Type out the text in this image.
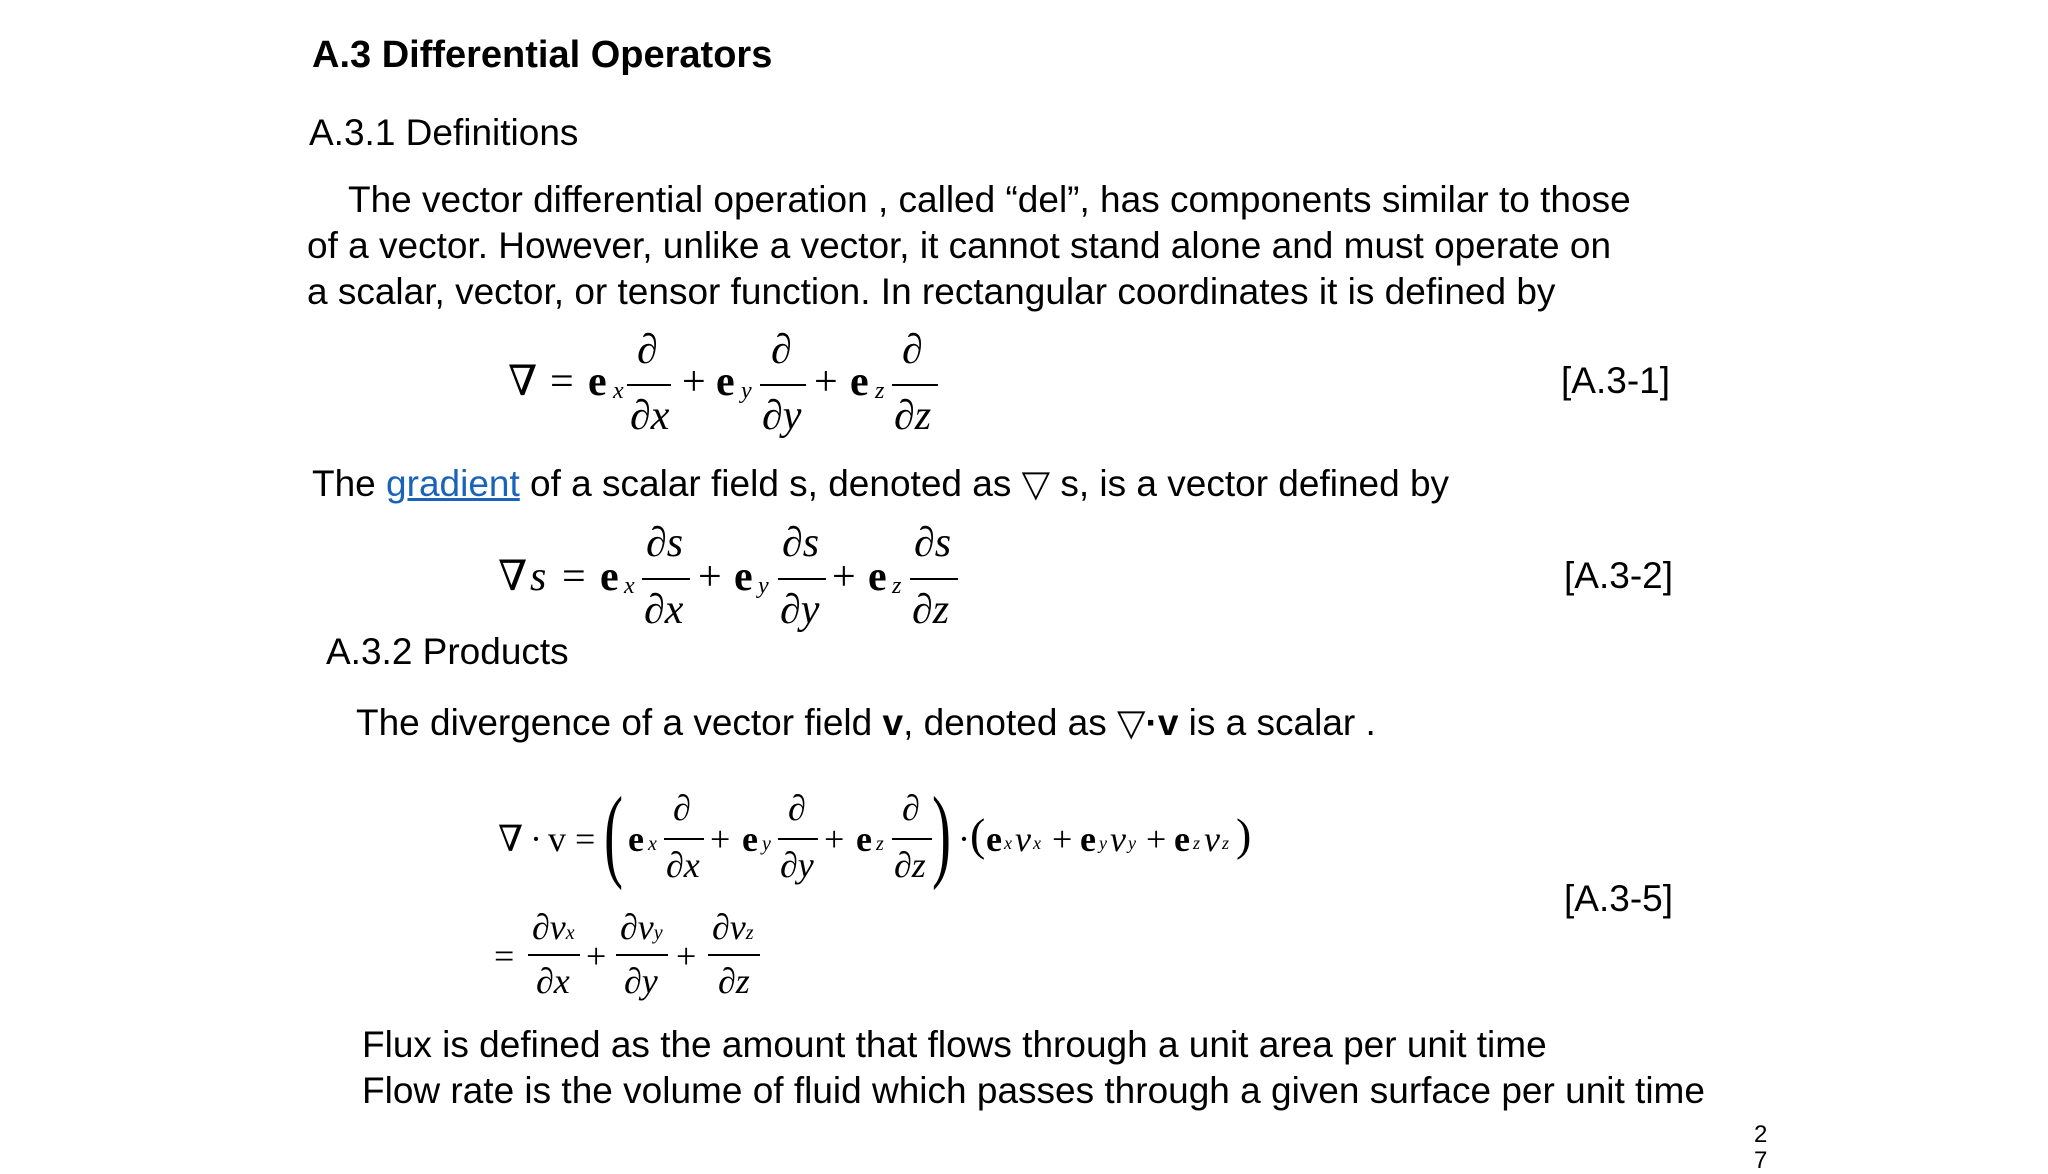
A.3 Differential Operators
A.3.1 Definitions
The vector differential operation , called “del”, has components similar to those
of a vector. However, unlike a vector, it cannot stand alone and must operate on
a scalar, vector, or tensor function. In rectangular coordinates it is defined by
∇ = e x
∂
∂x
+ e y
∂
∂y
+ e z
∂
∂z
[A.3-1]
The gradient of a scalar field s, denoted as ▽ s, is a vector defined by
∇ s = e x
∂s
∂x
+ e y
∂s
∂y
+ e z
∂s
∂z
[A.3-2]
A.3.2 Products
The divergence of a vector field v, denoted as ▽·v is a scalar .
∇ · v = ( e x
∂
∂x
+ e y
∂
∂y
+ e z
∂
∂z ) · ( e x v x + e y v y + e z v z )
=
∂vx
∂x
+
∂vy
∂y
+
∂vz
∂z
[A.3-5]
Flux is defined as the amount that flows through a unit area per unit time
Flow rate is the volume of fluid which passes through a given surface per unit time
2
7
